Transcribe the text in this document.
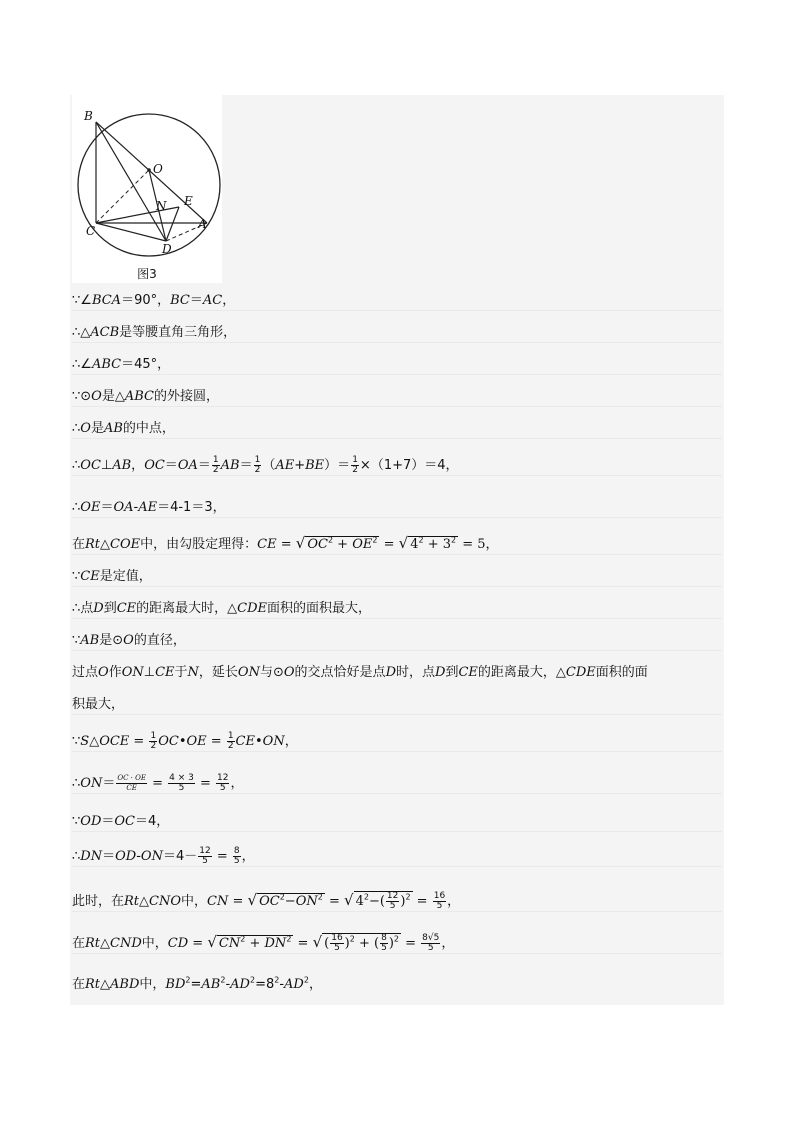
B
O
E
N
C	A
D
图3
∵∠BCA＝90°，BC＝AC，
∴△ACB是等腰直角三角形，
∴∠ABC＝45°，
∵⊙O是△ABC的外接圆，
∴O是AB的中点，
∴OC⊥AB，$OC=OA= \frac{1}{2} AB= \frac{1}{2} (AE+BE)= \frac{1}{2} \times(1+7)=4$，
∴OE＝OA-AE＝4-1＝3，
在Rt△COE中，由勾股定理得：CE = √ $OC^2 + OE^2$ = √ $4^2 + 3^2 = 5$，
∵CE是定值，
∴点D到CE的距离最大时，△CDE面积的面积最大，
∵AB是⊙O的直径，
过点O作ON⊥CE于N，延长ON与⊙O的交点恰好是点D时，点D到CE的距离最大，△CDE面积的面
积最大，
∵S△OCE = $\frac{1}{2}$ OC•OE = $\frac{1}{2}$ CE•ON，
∴ON＝ $\frac{OC \cdot OE}{CE} = \frac{4 \times 3}{5} = \frac{12}{5}$ ，
∵OD＝OC＝4，
∴DN＝OD-ON＝4－ $\frac{12}{5} = \frac{8}{5}$ ，
此时，在Rt△CNO中，CN = √ $OC^2-ON^2$ = √ $4^2-( \frac{12}{5} )^2 = \frac{16}{5}$ ，
在Rt△CND中，CD = √ $CN^2 + DN^2$ = √ ( $\frac{16}{5} )^2$ + ( $\frac{8}{5} )^2 = \frac{8√5}{5}$ ，
在Rt△ABD中，$BD^2=AB^2-AD^2=8^2-AD^2$，
